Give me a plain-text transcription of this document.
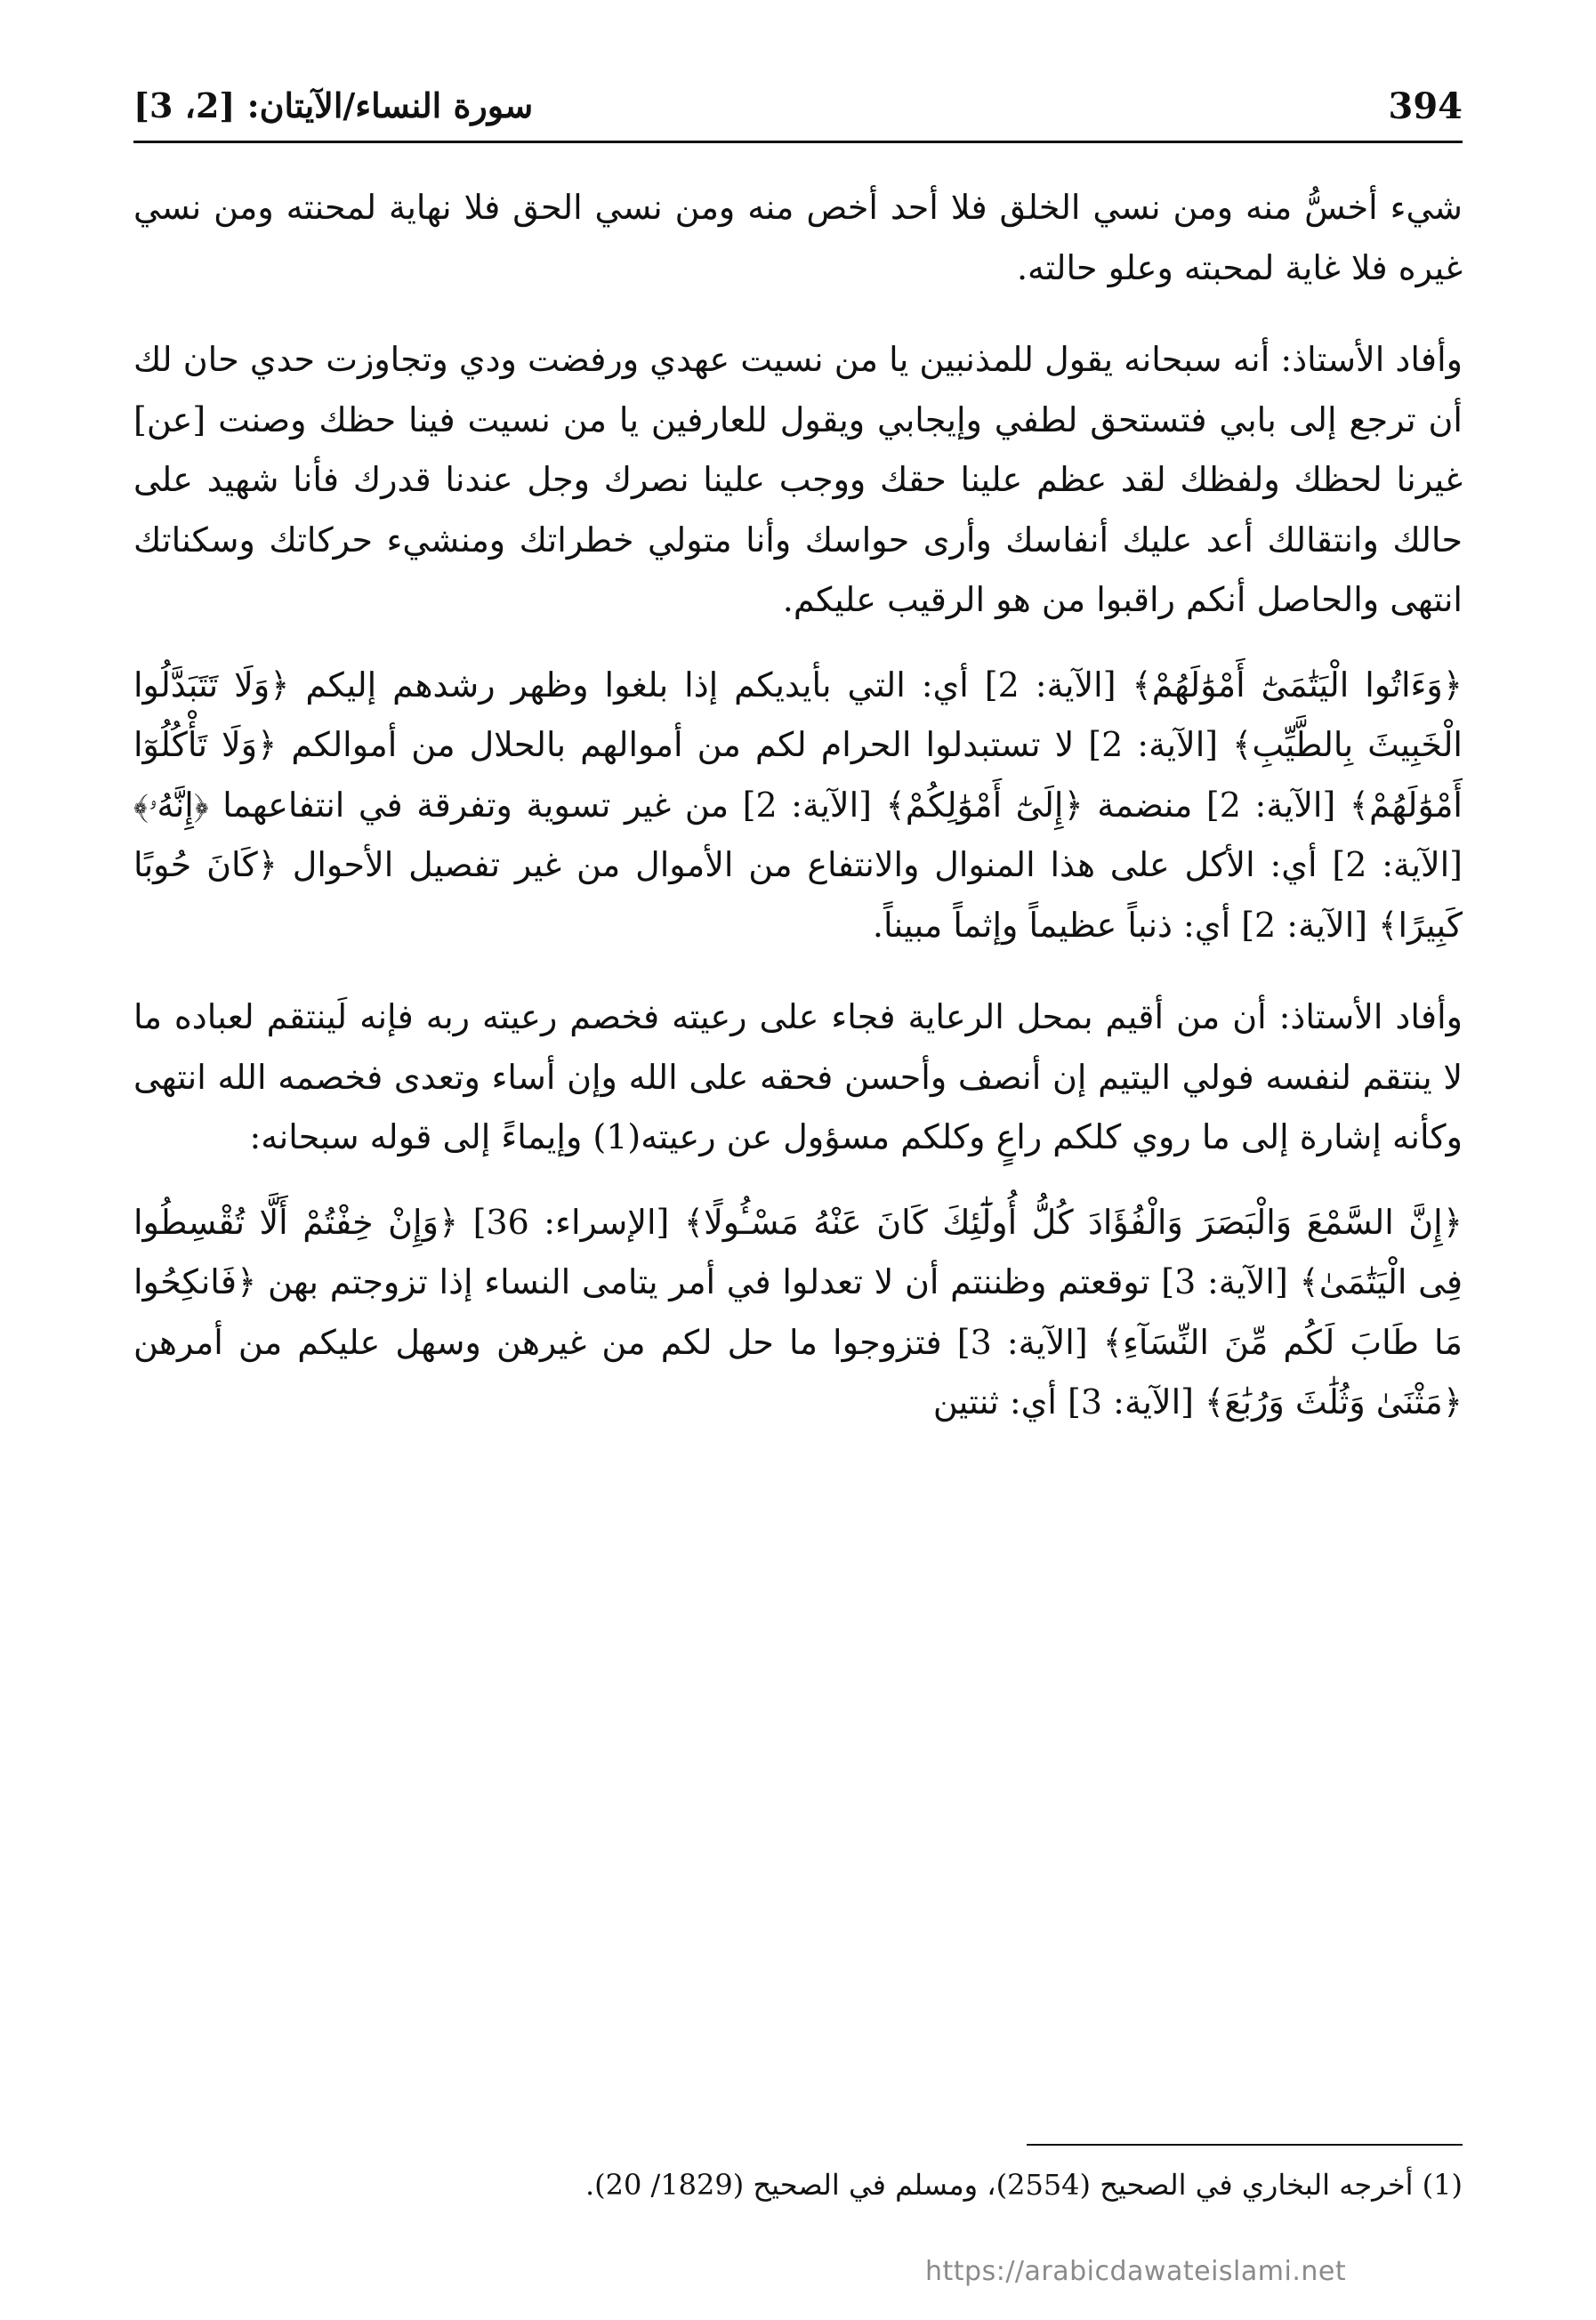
394
سورة النساء/الآيتان: [2، 3]

شيء أخسُّ منه ومن نسي الخلق فلا أحد أخص منه ومن نسي الحق فلا نهاية لمحنته ومن نسي غيره فلا غاية لمحبته وعلو حالته.

وأفاد الأستاذ: أنه سبحانه يقول للمذنبين يا من نسيت عهدي ورفضت ودي وتجاوزت حدي حان لك أن ترجع إلى بابي فتستحق لطفي وإيجابي ويقول للعارفين يا من نسيت فينا حظك وصنت [عن] غيرنا لحظك ولفظك لقد عظم علينا حقك ووجب علينا نصرك وجل عندنا قدرك فأنا شهيد على حالك وانتقالك أعد عليك أنفاسك وأرى حواسك وأنا متولي خطراتك ومنشيء حركاتك وسكناتك انتهى والحاصل أنكم راقبوا من هو الرقيب عليكم.

﴿وَءَاتُوا الْيَتَٰمَىٰٓ أَمْوَٰلَهُمْ﴾ [الآية: 2] أي: التي بأيديكم إذا بلغوا وظهر رشدهم إليكم ﴿وَلَا تَتَبَدَّلُوا الْخَبِيثَ بِالطَّيِّبِ﴾ [الآية: 2] لا تستبدلوا الحرام لكم من أموالهم بالحلال من أموالكم ﴿وَلَا تَأْكُلُوٓا أَمْوَٰلَهُمْ﴾ [الآية: 2] منضمة ﴿إِلَىٰٓ أَمْوَٰلِكُمْ﴾ [الآية: 2] من غير تسوية وتفرقة في انتفاعهما ﴿إِنَّهُۥ﴾ [الآية: 2] أي: الأكل على هذا المنوال والانتفاع من الأموال من غير تفصيل الأحوال ﴿كَانَ حُوبًا كَبِيرًا﴾ [الآية: 2] أي: ذنباً عظيماً وإثماً مبيناً.

وأفاد الأستاذ: أن من أقيم بمحل الرعاية فجاء على رعيته فخصم رعيته ربه فإنه لَينتقم لعباده ما لا ينتقم لنفسه فولي اليتيم إن أنصف وأحسن فحقه على الله وإن أساء وتعدى فخصمه الله انتهى وكأنه إشارة إلى ما روي كلكم راعٍ وكلكم مسؤول عن رعيته(1) وإيماءً إلى قوله سبحانه:

﴿إِنَّ السَّمْعَ وَالْبَصَرَ وَالْفُؤَادَ كُلُّ أُولَٰٓئِكَ كَانَ عَنْهُ مَسْـُٔولًا﴾ [الإسراء: 36] ﴿وَإِنْ خِفْتُمْ أَلَّا تُقْسِطُوا فِى الْيَتَٰمَىٰ﴾ [الآية: 3] توقعتم وظننتم أن لا تعدلوا في أمر يتامى النساء إذا تزوجتم بهن ﴿فَانكِحُوا مَا طَابَ لَكُم مِّنَ النِّسَآءِ﴾ [الآية: 3] فتزوجوا ما حل لكم من غيرهن وسهل عليكم من أمرهن ﴿مَثْنَىٰ وَثُلَٰثَ وَرُبَٰعَ﴾ [الآية: 3] أي: ثنتين

(1) أخرجه البخاري في الصحيح (2554)، ومسلم في الصحيح (1829/ 20).
https://arabicdawateislami.net
